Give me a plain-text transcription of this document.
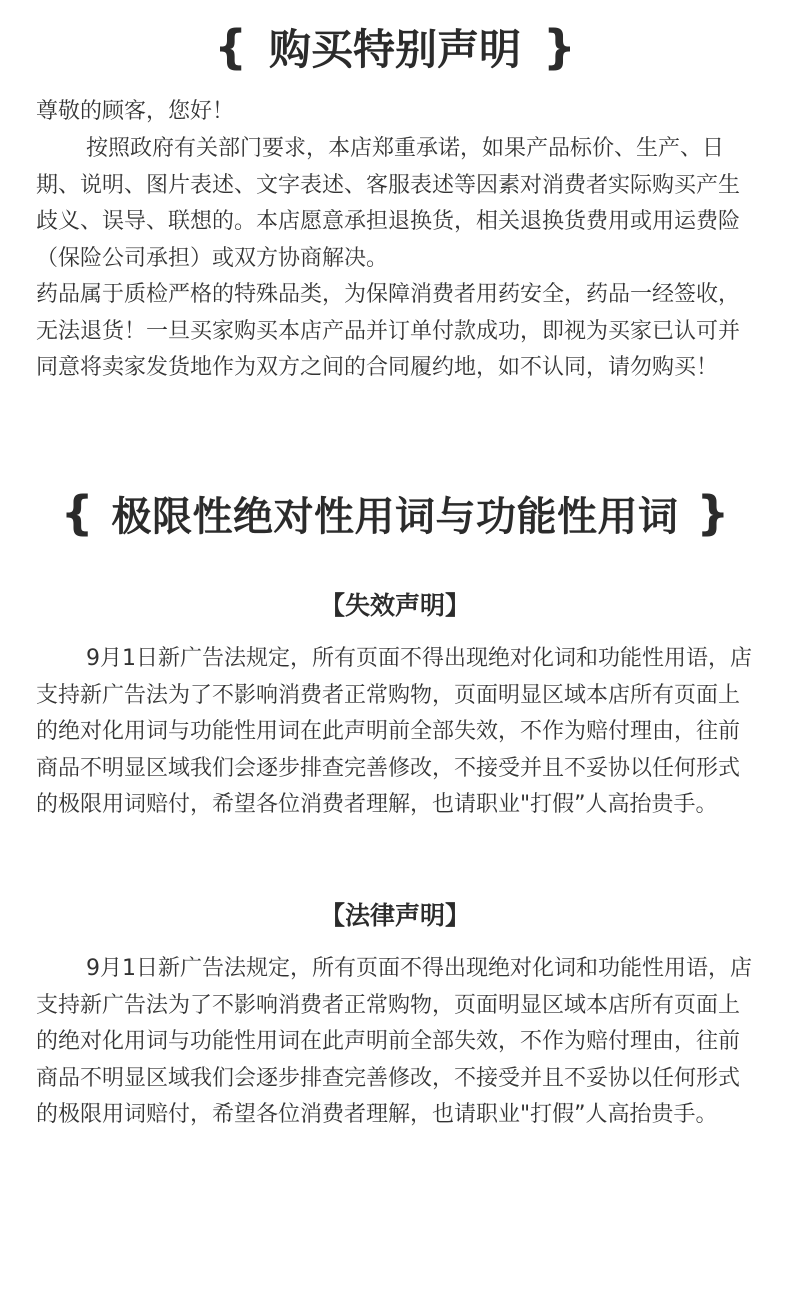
{ 购买特别声明 }

尊敬的顾客，您好！

按照政府有关部门要求，本店郑重承诺，如果产品标价、生产、日期、说明、图片表述、文字表述、客服表述等因素对消费者实际购买产生歧义、误导、联想的。本店愿意承担退换货，相关退换货费用或用运费险（保险公司承担）或双方协商解决。

药品属于质检严格的特殊品类，为保障消费者用药安全，药品一经签收，无法退货！一旦买家购买本店产品并订单付款成功，即视为买家已认可并同意将卖家发货地作为双方之间的合同履约地，如不认同，请勿购买！

{ 极限性绝对性用词与功能性用词 }
【失效声明】

9月1日新广告法规定，所有页面不得出现绝对化词和功能性用语，店支持新广告法为了不影响消费者正常购物，页面明显区域本店所有页面上的绝对化用词与功能性用词在此声明前全部失效，不作为赔付理由，往前商品不明显区域我们会逐步排查完善修改，不接受并且不妥协以任何形式的极限用词赔付，希望各位消费者理解，也请职业"打假”人高抬贵手。

【法律声明】

9月1日新广告法规定，所有页面不得出现绝对化词和功能性用语，店支持新广告法为了不影响消费者正常购物，页面明显区域本店所有页面上的绝对化用词与功能性用词在此声明前全部失效，不作为赔付理由，往前商品不明显区域我们会逐步排查完善修改，不接受并且不妥协以任何形式的极限用词赔付，希望各位消费者理解，也请职业"打假”人高抬贵手。
